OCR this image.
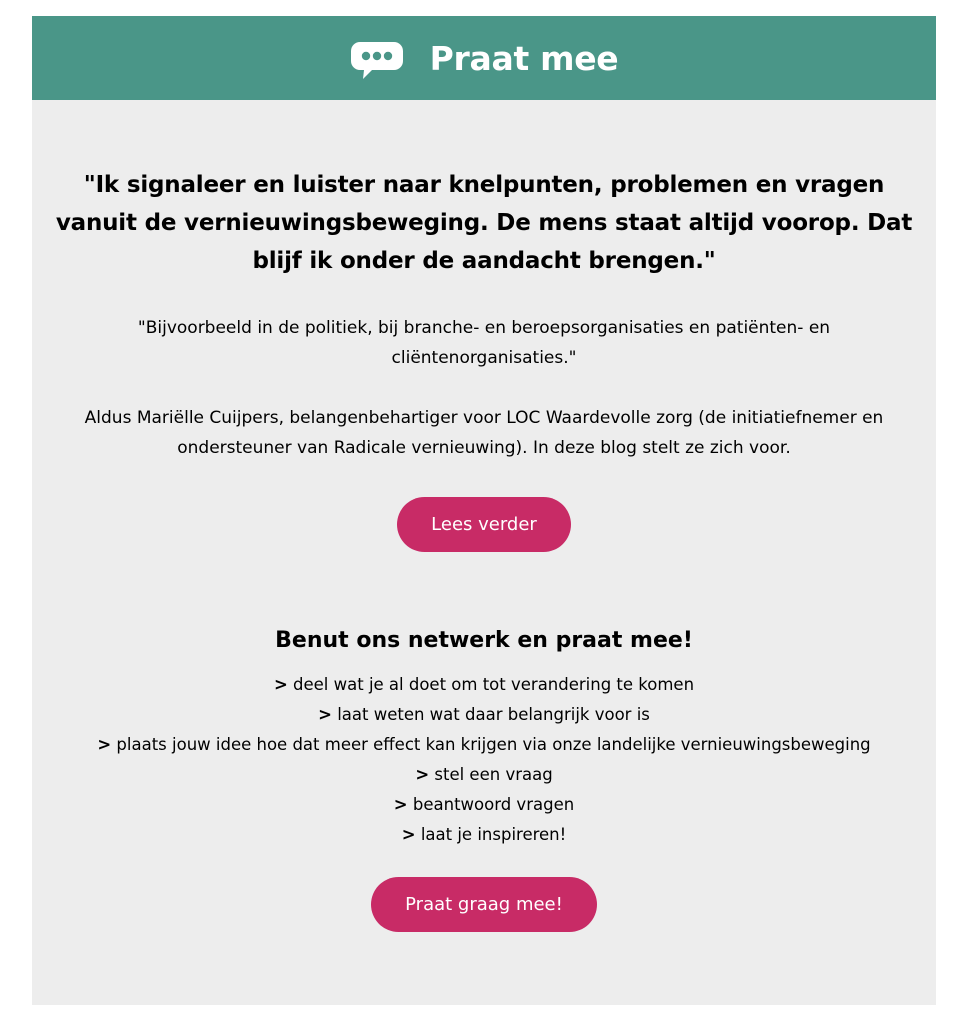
Praat mee
"Ik signaleer en luister naar knelpunten, problemen en vragen vanuit de vernieuwingsbeweging. De mens staat altijd voorop. Dat blijf ik onder de aandacht brengen."

"Bijvoorbeeld in de politiek, bij branche- en beroepsorganisaties en patiënten- en cliëntenorganisaties."

Aldus Mariëlle Cuijpers, belangenbehartiger voor LOC Waardevolle zorg (de initiatiefnemer en ondersteuner van Radicale vernieuwing). In deze blog stelt ze zich voor.

Lees verder
Benut ons netwerk en praat mee!
> deel wat je al doet om tot verandering te komen
> laat weten wat daar belangrijk voor is
> plaats jouw idee hoe dat meer effect kan krijgen via onze landelijke vernieuwingsbeweging
> stel een vraag
> beantwoord vragen
> laat je inspireren!
Praat graag mee!
